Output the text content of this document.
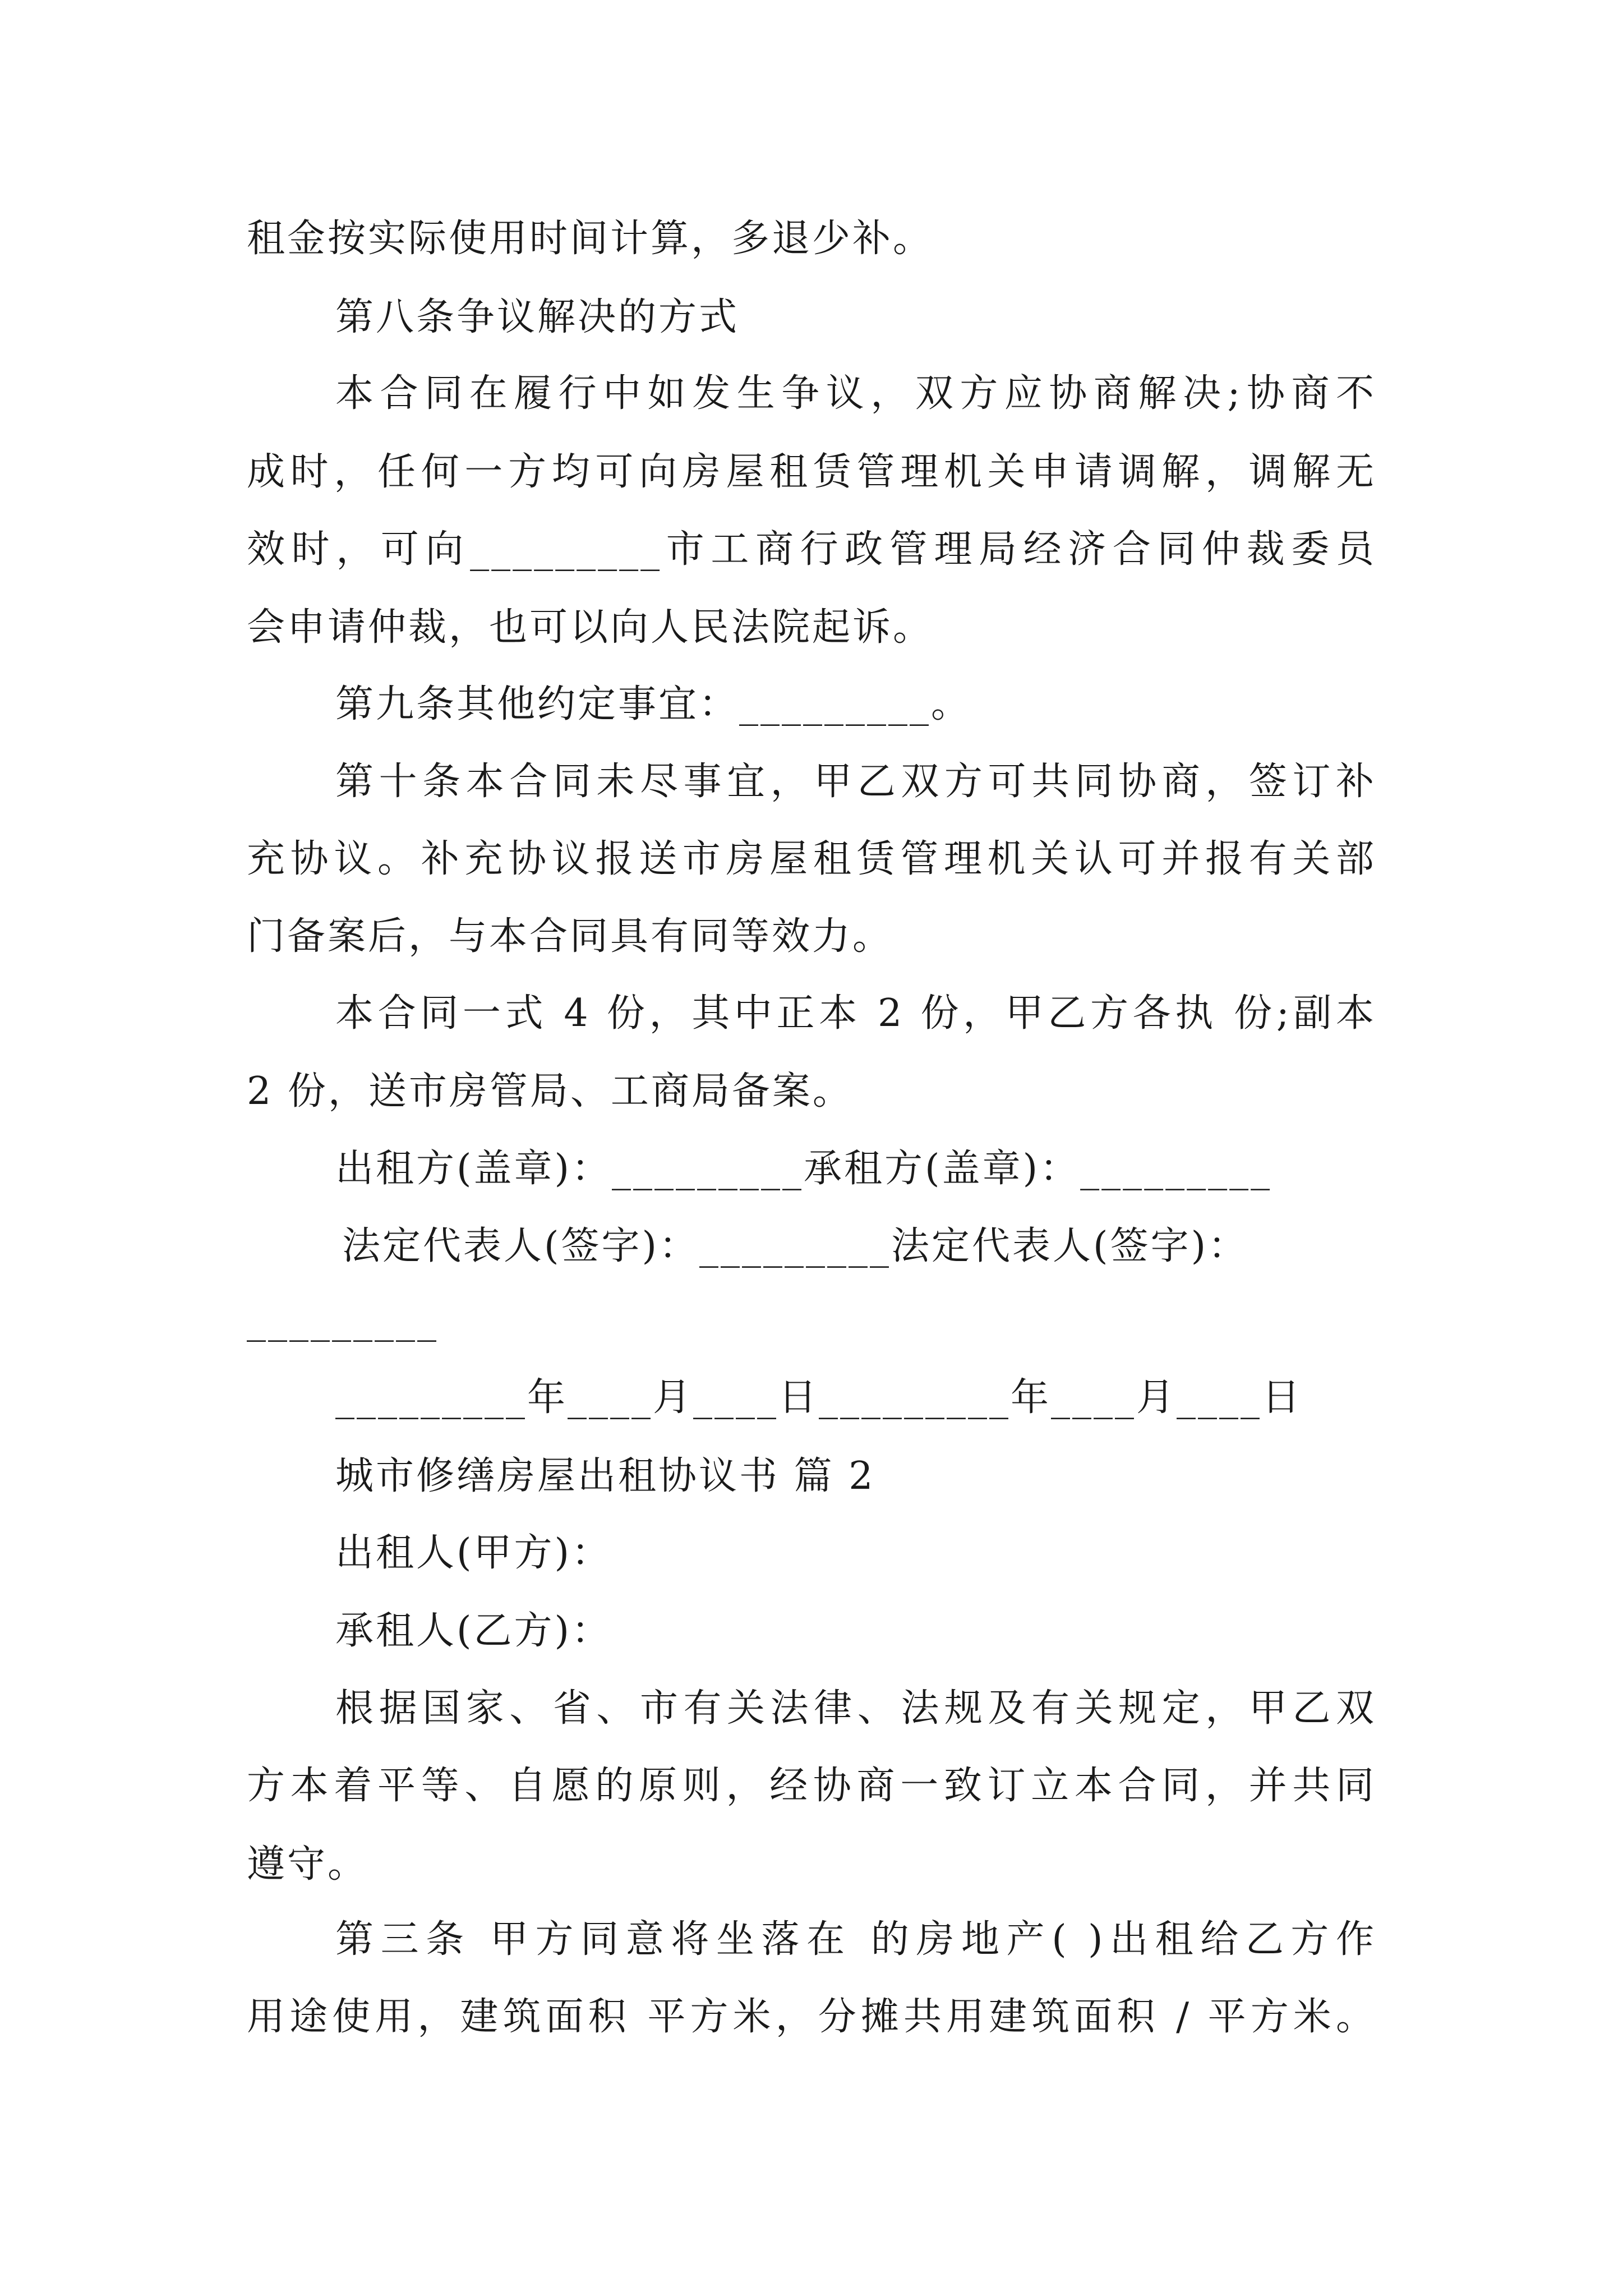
租金按实际使用时间计算，多退少补。
第八条争议解决的方式
本合同在履行中如发生争议，双方应协商解决;协商不
成时，任何一方均可向房屋租赁管理机关申请调解，调解无
效时，可向_________市工商行政管理局经济合同仲裁委员
会申请仲裁，也可以向人民法院起诉。
第九条其他约定事宜：_________。
第十条本合同未尽事宜，甲乙双方可共同协商，签订补
充协议。补充协议报送市房屋租赁管理机关认可并报有关部
门备案后，与本合同具有同等效力。
本合同一式 4 份，其中正本 2 份，甲乙方各执 份;副本
2 份，送市房管局、工商局备案。
出租方(盖章)：_________承租方(盖章)：_________
法定代表人(签字)：_________法定代表人(签字)：
_________
_________年____月____日_________年____月____日
城市修缮房屋出租协议书 篇 2
出租人(甲方)：
承租人(乙方)：
根据国家、省、市有关法律、法规及有关规定，甲乙双
方本着平等、自愿的原则，经协商一致订立本合同，并共同
遵守。
第三条 甲方同意将坐落在 的房地产( )出租给乙方作
用途使用，建筑面积 平方米，分摊共用建筑面积 / 平方米。
